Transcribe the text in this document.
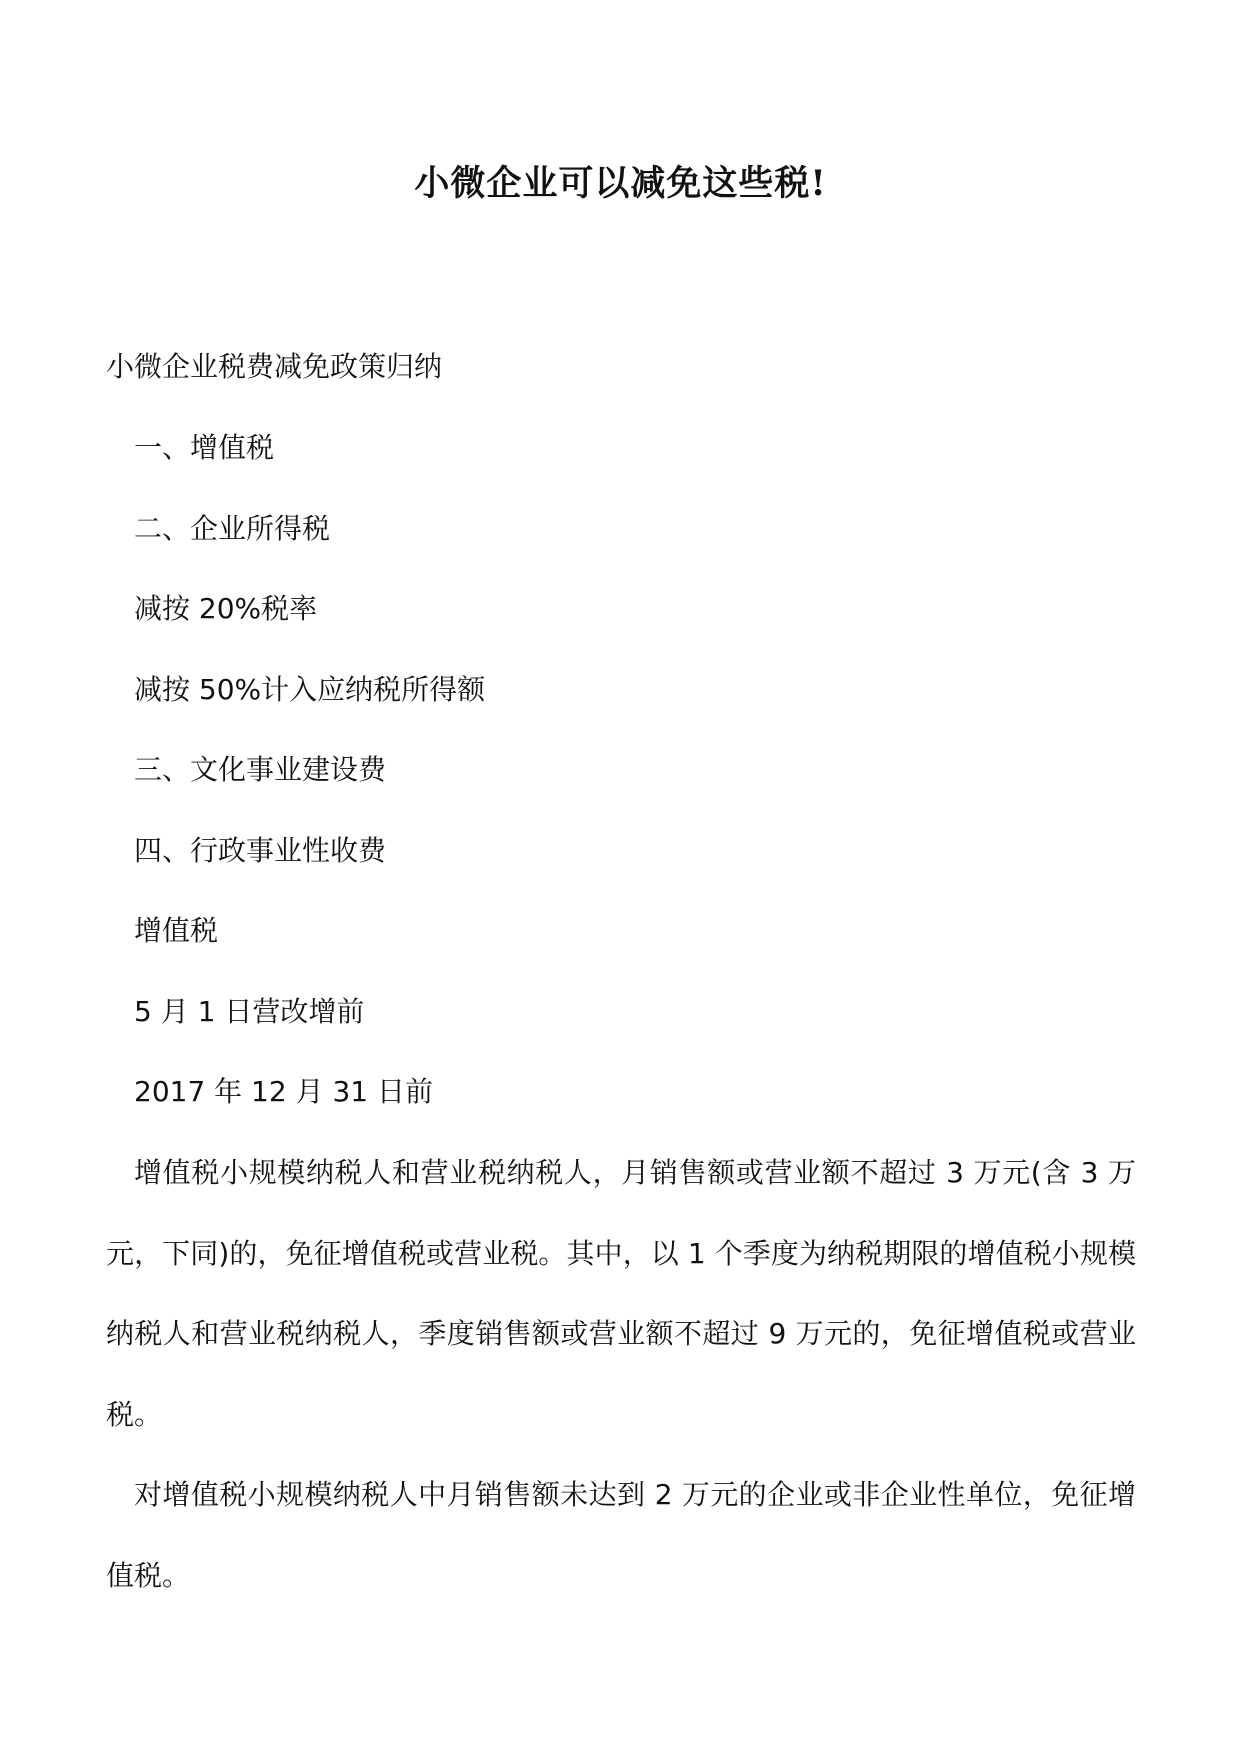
小微企业可以减免这些税!
小微企业税费减免政策归纳
一、增值税
二、企业所得税
减按 20%税率
减按 50%计入应纳税所得额
三、文化事业建设费
四、行政事业性收费
增值税
5 月 1 日营改增前
2017 年 12 月 31 日前
增值税小规模纳税人和营业税纳税人，月销售额或营业额不超过 3 万元(含 3 万元，下同)的，免征增值税或营业税。其中，以 1 个季度为纳税期限的增值税小规模纳税人和营业税纳税人，季度销售额或营业额不超过 9 万元的，免征增值税或营业税。
对增值税小规模纳税人中月销售额未达到 2 万元的企业或非企业性单位，免征增值税。
